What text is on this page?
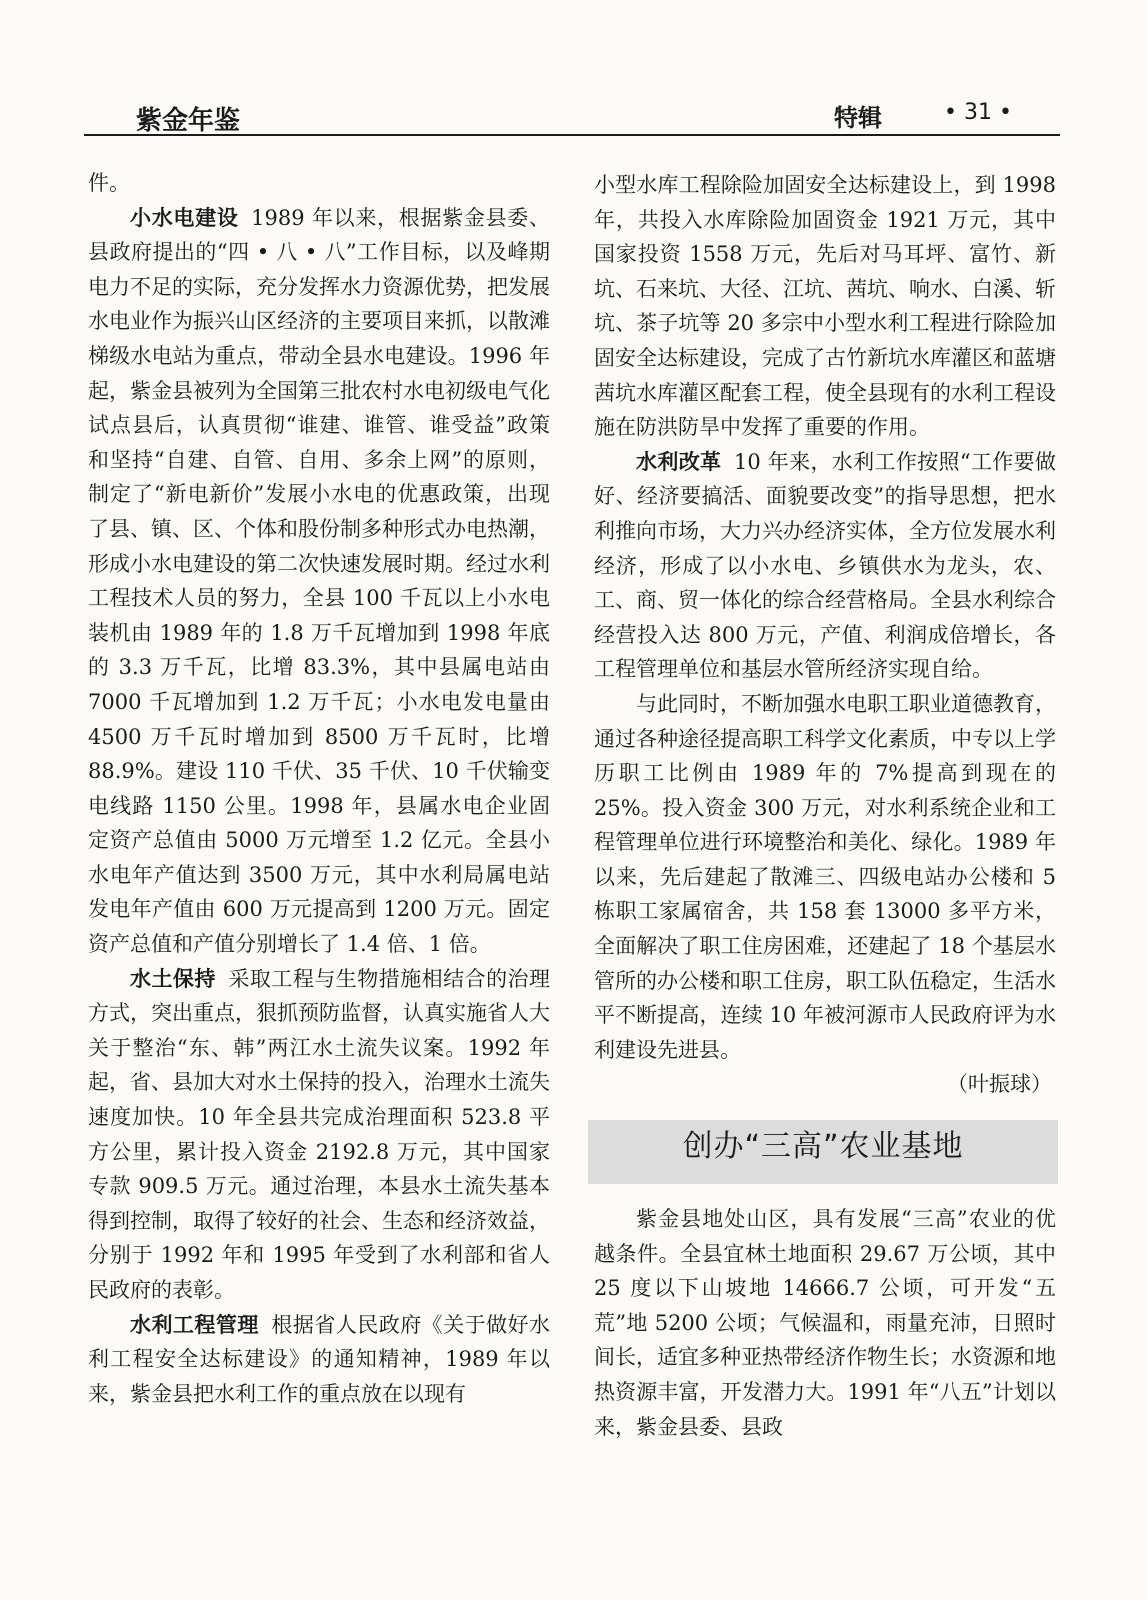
紫金年鉴	特辑	• 31 •

件。

小水电建设 1989 年以来，根据紫金县委、县政府提出的“四 • 八 • 八”工作目标，以及峰期电力不足的实际，充分发挥水力资源优势，把发展水电业作为振兴山区经济的主要项目来抓，以散滩梯级水电站为重点，带动全县水电建设。1996 年起，紫金县被列为全国第三批农村水电初级电气化试点县后，认真贯彻“谁建、谁管、谁受益”政策和坚持“自建、自管、自用、多余上网”的原则，制定了“新电新价”发展小水电的优惠政策，出现了县、镇、区、个体和股份制多种形式办电热潮，形成小水电建设的第二次快速发展时期。经过水利工程技术人员的努力，全县 100 千瓦以上小水电装机由 1989 年的 1.8 万千瓦增加到 1998 年底的 3.3 万千瓦，比增 83.3%，其中县属电站由 7000 千瓦增加到 1.2 万千瓦；小水电发电量由 4500 万千瓦时增加到 8500 万千瓦时，比增 88.9%。建设 110 千伏、35 千伏、10 千伏输变电线路 1150 公里。1998 年，县属水电企业固定资产总值由 5000 万元增至 1.2 亿元。全县小水电年产值达到 3500 万元，其中水利局属电站发电年产值由 600 万元提高到 1200 万元。固定资产总值和产值分别增长了 1.4 倍、1 倍。

水土保持 采取工程与生物措施相结合的治理方式，突出重点，狠抓预防监督，认真实施省人大关于整治“东、韩”两江水土流失议案。1992 年起，省、县加大对水土保持的投入，治理水土流失速度加快。10 年全县共完成治理面积 523.8 平方公里，累计投入资金 2192.8 万元，其中国家专款 909.5 万元。通过治理，本县水土流失基本得到控制，取得了较好的社会、生态和经济效益，分别于 1992 年和 1995 年受到了水利部和省人民政府的表彰。

水利工程管理 根据省人民政府《关于做好水利工程安全达标建设》的通知精神，1989 年以来，紫金县把水利工作的重点放在以现有

小型水库工程除险加固安全达标建设上，到 1998 年，共投入水库除险加固资金 1921 万元，其中国家投资 1558 万元，先后对马耳坪、富竹、新坑、石来坑、大径、江坑、茜坑、响水、白溪、斩坑、茶子坑等 20 多宗中小型水利工程进行除险加固安全达标建设，完成了古竹新坑水库灌区和蓝塘茜坑水库灌区配套工程，使全县现有的水利工程设施在防洪防旱中发挥了重要的作用。

水利改革 10 年来，水利工作按照“工作要做好、经济要搞活、面貌要改变”的指导思想，把水利推向市场，大力兴办经济实体，全方位发展水利经济，形成了以小水电、乡镇供水为龙头，农、工、商、贸一体化的综合经营格局。全县水利综合经营投入达 800 万元，产值、利润成倍增长，各工程管理单位和基层水管所经济实现自给。

与此同时，不断加强水电职工职业道德教育，通过各种途径提高职工科学文化素质，中专以上学历职工比例由 1989 年的 7%提高到现在的 25%。投入资金 300 万元，对水利系统企业和工程管理单位进行环境整治和美化、绿化。1989 年以来，先后建起了散滩三、四级电站办公楼和 5 栋职工家属宿舍，共 158 套 13000 多平方米，全面解决了职工住房困难，还建起了 18 个基层水管所的办公楼和职工住房，职工队伍稳定，生活水平不断提高，连续 10 年被河源市人民政府评为水利建设先进县。

（叶振球）

创办“三高”农业基地

紫金县地处山区，具有发展“三高”农业的优越条件。全县宜林土地面积 29.67 万公顷，其中 25 度以下山坡地 14666.7 公顷，可开发“五荒”地 5200 公顷；气候温和，雨量充沛，日照时间长，适宜多种亚热带经济作物生长；水资源和地热资源丰富，开发潜力大。1991 年“八五”计划以来，紫金县委、县政
